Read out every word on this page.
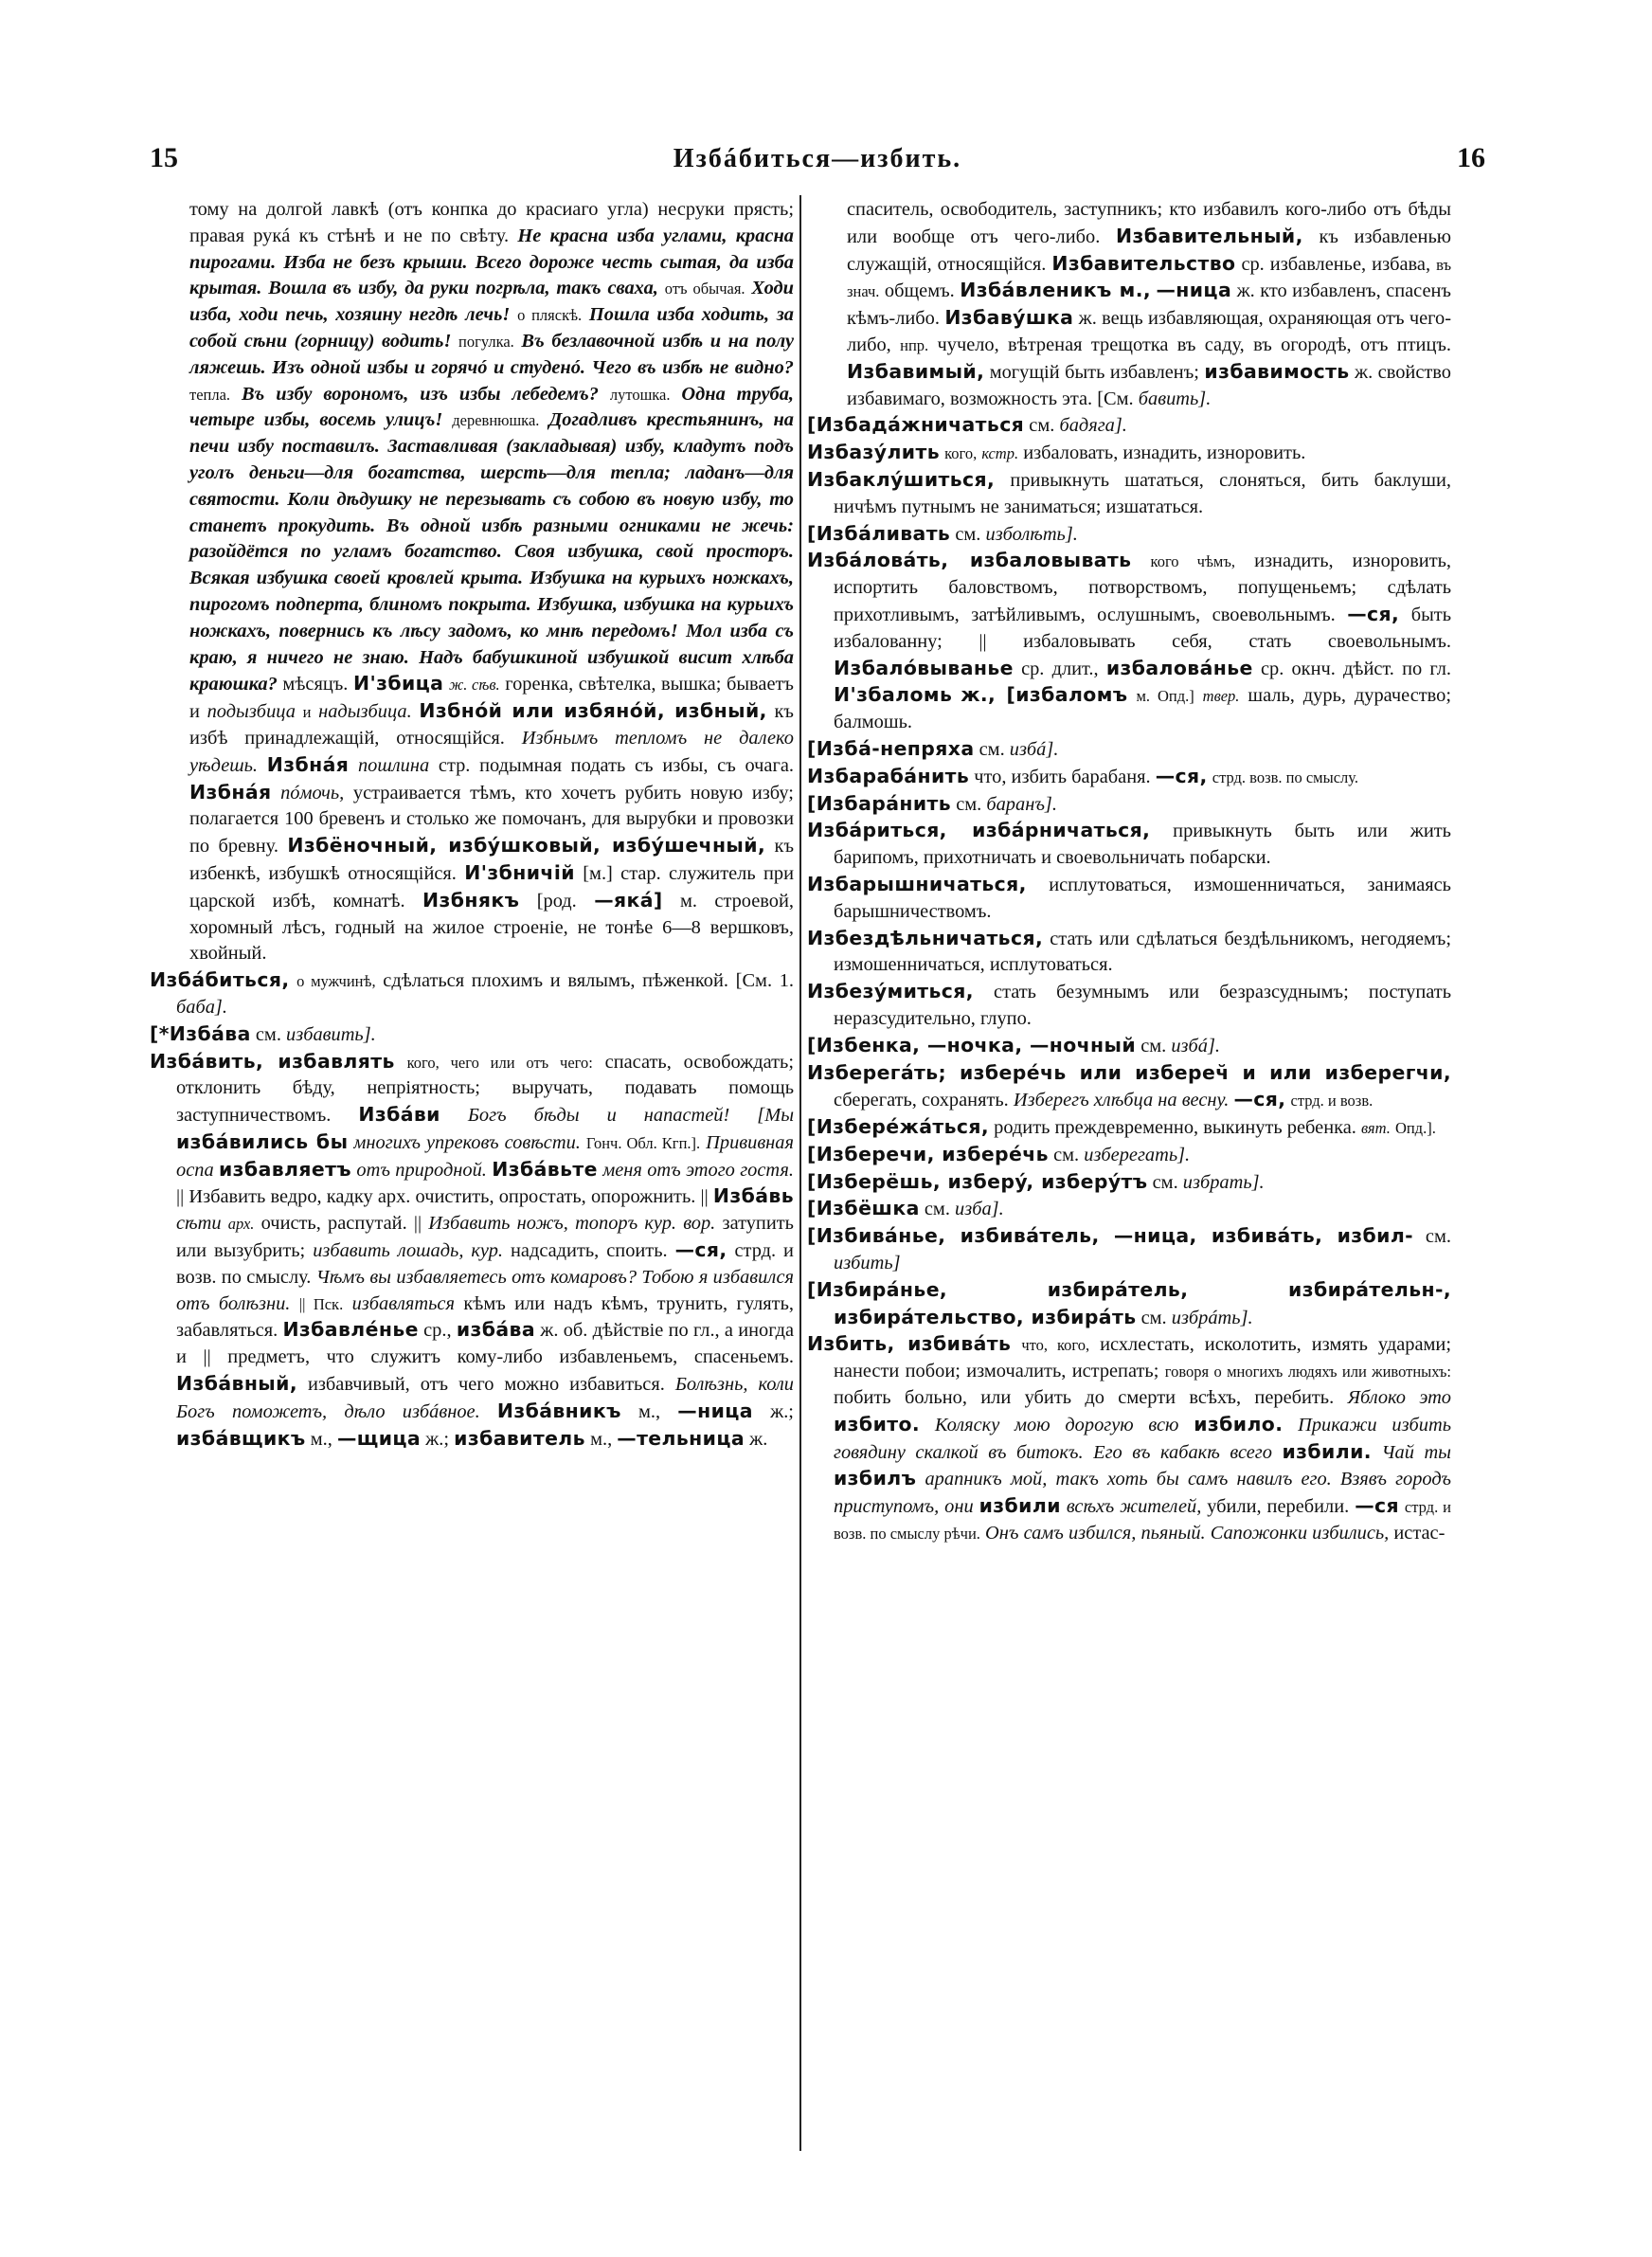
15	Избáбиться—избить.	16
тому на долгой лавкѣ (отъ конпка до красиаго угла) несруки прясть; правая рукá къ стѣнѣ и не по свѣту. Не красна изба углами, красна пирогами. Изба не безъ крыши. Всего дороже честь сытая, да изба крытая. Вошла въ избу, да руки погрѣла, такъ сваха, отъ обычая. Ходи изба, ходи печь, хозяину негдѣ лечь! о пляскѣ. Пошла изба ходить, за собой сѣни (горницу) водить! погулка. Въ безлавочной избѣ и на полу ляжешь. Изъ одной избы и горячó и студенó. Чего въ избѣ не видно? тепла. Въ избу ворономъ, изъ избы лебедемъ? лутошка. Одна труба, четыре избы, восемь улицъ! деревнюшка. Догадливъ крестьянинъ, на печи избу поставилъ. Заставливая (закладывая) избу, кладутъ подъ уголъ деньги—для богатства, шерсть—для тепла; ладанъ—для святости. Коли дѣдушку не перезывать съ собою въ новую избу, то станетъ прокудить. Въ одной избѣ разными огниками не жечь: разойдётся по угламъ богатство. Своя избушка, свой просторъ. Всякая избушка своей кровлей крыта. Избушка на курьихъ ножкахъ, пирогомъ подперта, блиномъ покрыта. Избушка, избушка на курьихъ ножкахъ, повернись къ лѣсу задомъ, ко мнѣ передомъ! Мол изба съ краю, я ничего не знаю. Надъ бабушкиной избушкой висит хлѣба краюшка? мѣсяцъ. И'збица ж. сѣв. горенка, свѣтелка, вышка; бываетъ и подызбица и надызбица. Избнóй или избянóй, избный, къ избѣ принадлежащій, относящійся. Избнымъ тепломъ не далеко уѣдешь. Избнáя пошлина стр. подымная подать съ избы, съ очага. Избнáя пóмочь, устраивается тѣмъ, кто хочетъ рубить новую избу; полагается 100 бревенъ и столько же помочанъ, для вырубки и провозки по бревну. Избёночный, избýшковый, избýшечный, къ избенкѣ, избушкѣ относящійся. И'збничій [м.] стар. служитель при царской избѣ, комнатѣ. Избнякъ [род. —якá] м. строевой, хоромный лѣсъ, годный на жилое строеніе, не тонѣе 6—8 вершковъ, хвойный.
Избáбиться, о мужчинѣ, сдѣлаться плохимъ и вялымъ, пѣженкой. [См. 1. баба].
[*Избáва см. избавить].
Избáвить, избавлять кого, чего или отъ чего: спасать, освобождать; отклонить бѣду, непріятность; выручать, подавать помощь заступничествомъ. Избáви Богъ бѣды и напастей! [Мы избáвились бы многихъ упрековъ совѣсти. Гонч. Обл. Кгп.]. Прививная оспа избавляетъ отъ природной. Избáвьте меня отъ этого гостя. || Избавить ведро, кадку арх. очистить, опростать, опорожнить. || Избáвь сѣти арх. очисть, распутай. || Избавить ножъ, топоръ кур. вор. затупить или вызубрить; избавить лошадь, кур. надсадить, споить. —ся, стрд. и возв. по смыслу. Чѣмъ вы избавляетесь отъ комаровъ? Тобою я избавился отъ болѣзни. || Пск. избавляться кѣмъ или надъ кѣмъ, трунить, гулять, забавляться. Избавлéнье ср., избáва ж. об. дѣйствіе по гл., а иногда и || предметъ, что служитъ кому-либо избавленьемъ, спасеньемъ. Избáвный, избавчивый, отъ чего можно избавиться. Болѣзнь, коли Богъ поможетъ, дѣло избáвное. Избáвникъ м., —ница ж.; избáвщикъ м., —щица ж.; избавитель м., —тельница ж.
спаситель, освободитель, заступникъ; кто избавилъ кого-либо отъ бѣды или вообще отъ чего-либо. Избавительный, къ избавленью служащій, относящійся. Избавительство ср. избавленье, избава, въ знач. общемъ. Избáвленикъ м., —ница ж. кто избавленъ, спасенъ кѣмъ-либо. Избавýшка ж. вещь избавляющая, охраняющая отъ чего-либо, нпр. чучело, вѣтреная трещотка въ саду, въ огородѣ, отъ птицъ. Избавимый, могущій быть избавленъ; избавимость ж. свойство избавимаго, возможность эта. [См. бавить].
[Избадáжничаться см. бадяга].
Избазýлить кого, кстр. избаловать, изнадить, изноровить.
Избаклýшиться, привыкнуть шататься, слоняться, бить баклуши, ничѣмъ путнымъ не заниматься; изшататься.
[Избáливать см. изболѣть].
Избáловáть, избаловывать кого чѣмъ, изнадить, изноровить, испортить баловствомъ, потворствомъ, попущеньемъ; сдѣлать прихотливымъ, затѣйливымъ, ослушнымъ, своевольнымъ. —ся, быть избалованну; || избаловывать себя, стать своевольнымъ. Избалóвыванье ср. длит., избаловáнье ср. окнч. дѣйст. по гл. И'збаломь ж., [избаломъ м. Опд.] твер. шаль, дурь, дурачество; балмошь.
[Избá-непряха см. избá].
Избарабáнить что, избить барабаня. —ся, стрд. возв. по смыслу.
[Избарáнить см. баранъ].
Избáриться, избáрничаться, привыкнуть быть или жить барипомъ, прихотничать и своевольничать побарски.
Избарышничаться, исплутоваться, измошенничаться, занимаясь барышничествомъ.
Избездѣльничаться, стать или сдѣлаться бездѣльникомъ, негодяемъ; измошенничаться, исплутоваться.
Избезýмиться, стать безумнымъ или безразсуднымъ; поступать неразсудительно, глупо.
[Избенка, —ночка, —ночный см. избá].
Изберегáть; изберéчь или избереч̆ и или изберегчи, сберегать, сохранять. Изберегъ хлѣбца на весну. —ся, стрд. и возв.
[Изберéжáться, родить преждевременно, выкинуть ребенка. вят. Опд.].
[Изберечи, изберéчь см. изберегать].
[Изберёшь, изберý, изберýтъ см. избрать].
[Избёшка см. изба].
[Избивáнье, избивáтель, —ница, избивáть, избил- см. избить]
[Избирáнье, избирáтель, избирáтельн-, избирáтельство, избирáть см. избрáть].
Избить, избивáть что, кого, исхлестать, исколотить, измять ударами; нанести побои; измочалить, истрепать; говоря о многихъ людяхъ или животныхъ: побить больно, или убить до смерти всѣхъ, перебить. Яблоко это избито. Коляску мою дорогую всю избило. Прикажи избить говядину скалкой въ битокъ. Его въ кабакѣ всего избили. Чай ты избилъ арапникъ мой, такъ хоть бы самъ навилъ его. Взявъ городъ приступомъ, они избили всѣхъ жителей, убили, перебили. —ся стрд. и возв. по смыслу рѣчи. Онъ самъ избился, пьяный. Сапожонки избились, истас-
